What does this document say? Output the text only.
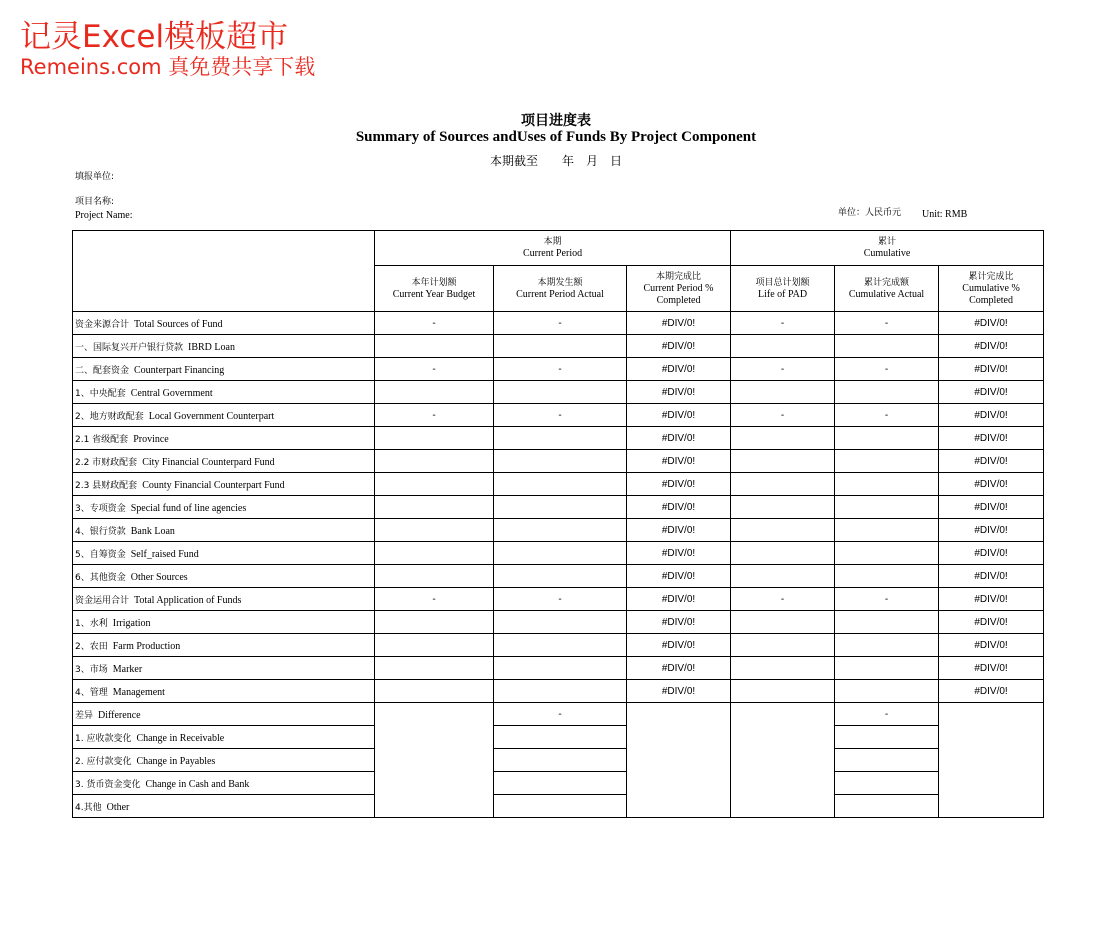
记灵Excel模板超市
Remeins.com 真免费共享下载
项目进度表
Summary of Sources andUses of Funds By Project Component
本期截至　　年　月　日
填报单位:
项目名称:
Project Name:	单位：人民币元 Unit: RMB

	本期
Current Period			累计
Cumulative		

	本年计划额
Current Year Budget	本期发生额
Current Period Actual	本期完成比
Current Period % Completed	项目总计划额
Life of PAD	累计完成额
Cumulative Actual	累计完成比
Cumulative % Completed
资金来源合计 Total Sources of Fund	-	-	#DIV/0!	-	-	#DIV/0!
一、国际复兴开户银行贷款 IBRD Loan			#DIV/0!			#DIV/0!
二、配套资金 Counterpart Financing	-	-	#DIV/0!	-	-	#DIV/0!
1、中央配套 Central Government			#DIV/0!			#DIV/0!
2、地方财政配套 Local Government Counterpart	-	-	#DIV/0!	-	-	#DIV/0!
2.1 省级配套 Province			#DIV/0!			#DIV/0!
2.2 市财政配套 City Financial Counterpard Fund			#DIV/0!			#DIV/0!
2.3 县财政配套 County Financial Counterpart Fund			#DIV/0!			#DIV/0!
3、专项资金 Special fund of line agencies			#DIV/0!			#DIV/0!
4、银行贷款 Bank Loan			#DIV/0!			#DIV/0!
5、自筹资金 Self_raised Fund			#DIV/0!			#DIV/0!
6、其他资金 Other Sources			#DIV/0!			#DIV/0!
资金运用合计 Total Application of Funds	-	-	#DIV/0!	-	-	#DIV/0!
1、水利 Irrigation			#DIV/0!			#DIV/0!
2、农田 Farm Production			#DIV/0!			#DIV/0!
3、市场 Marker			#DIV/0!			#DIV/0!
4、管理 Management			#DIV/0!			#DIV/0!
差异 Difference		-			-	
1. 应收款变化 Change in Receivable						
2. 应付款变化 Change in Payables						
3. 货币资金变化 Change in Cash and Bank						
4.其他 Other						
